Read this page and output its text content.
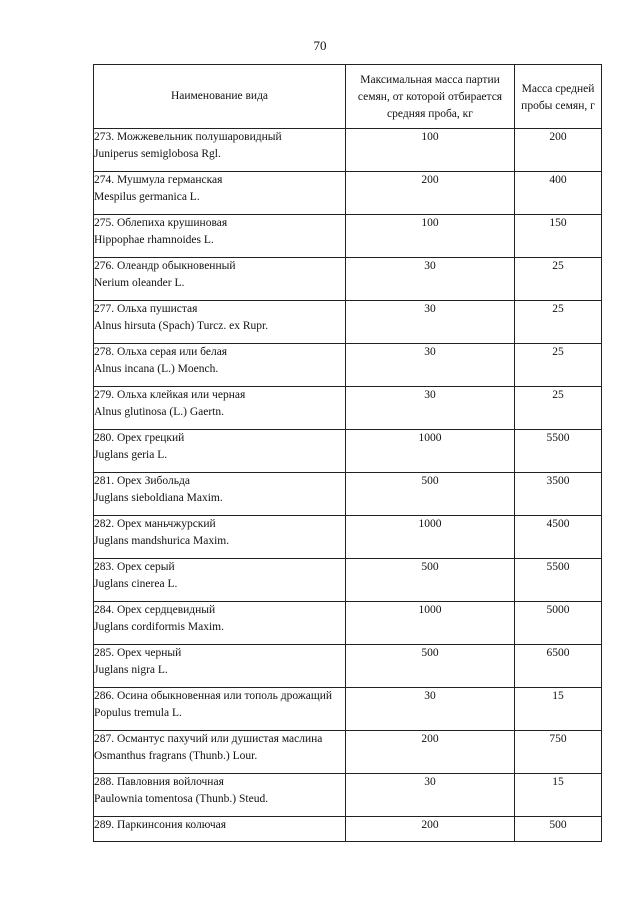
70
Наименование вида	Максимальная масса партии семян, от которой отбирается средняя проба, кг	Масса средней пробы семян, г

273. Можжевельник полушаровидный
Juniperus semiglobosa Rgl.	100	200

274. Мушмула германская
Mespilus germanica L.	200	400

275. Облепиха крушиновая
Hippophae rhamnoides L.	100	150

276. Олеандр обыкновенный
Nerium oleander L.	30	25

277. Ольха пушистая
Alnus hirsuta (Spach) Turcz. ex Rupr.	30	25

278. Ольха серая или белая
Alnus incana (L.) Moench.	30	25

279. Ольха клейкая или черная
Alnus glutinosa (L.) Gaertn.	30	25

280. Орех грецкий
Juglans geria L.	1000	5500

281. Орех Зибольда
Juglans sieboldiana Maxim.	500	3500

282. Орех маньчжурский
Juglans mandshurica Maxim.	1000	4500

283. Орех серый
Juglans cinerea L.	500	5500

284. Орех сердцевидный
Juglans cordiformis Maxim.	1000	5000

285. Орех черный
Juglans nigra L.	500	6500

286. Осина обыкновенная или тополь дрожащий
Populus tremula L.	30	15

287. Османтус пахучий или душистая маслина
Osmanthus fragrans (Thunb.) Lour.	200	750

288. Павловния войлочная
Paulownia tomentosa (Thunb.) Steud.	30	15

289. Паркинсония колючая	200	500
